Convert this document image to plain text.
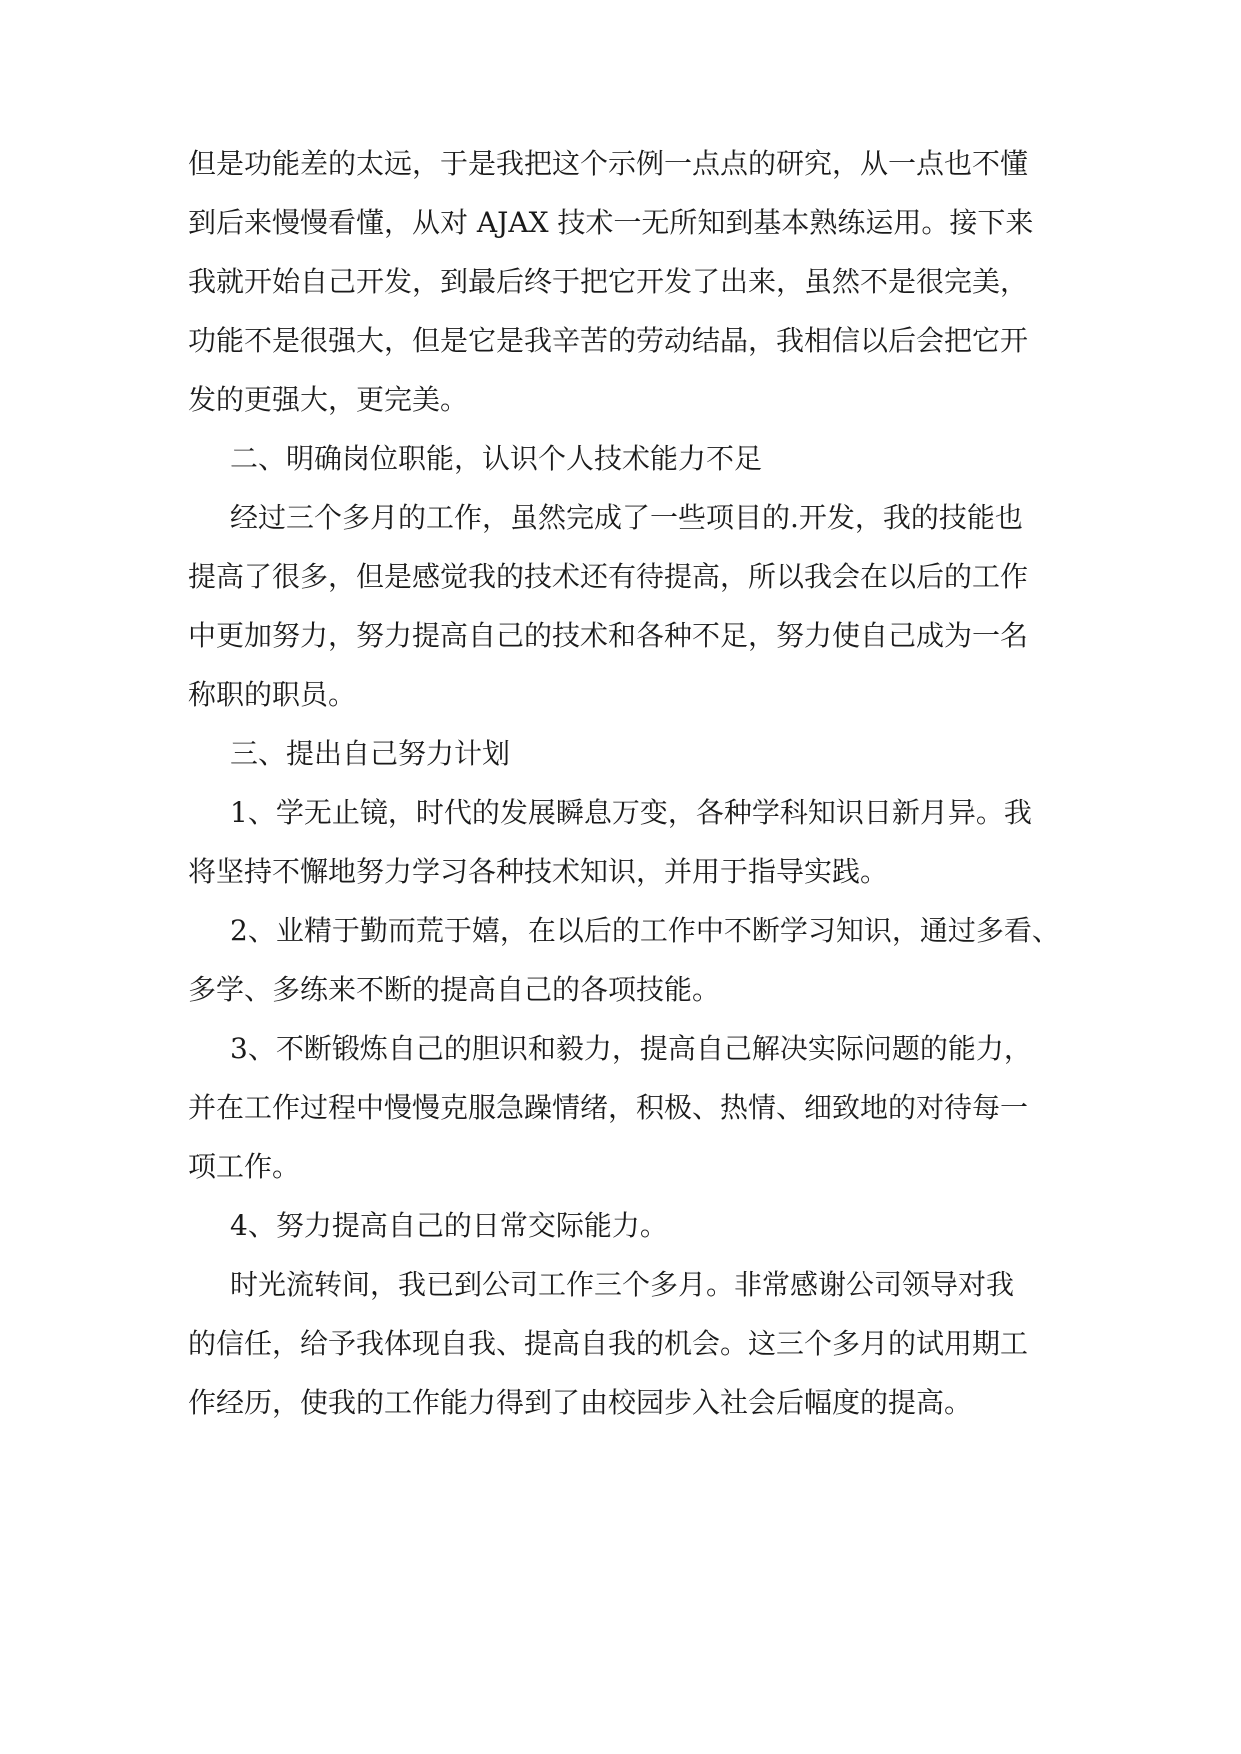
但是功能差的太远，于是我把这个示例一点点的研究，从一点也不懂

到后来慢慢看懂，从对 AJAX 技术一无所知到基本熟练运用。接下来

我就开始自己开发，到最后终于把它开发了出来，虽然不是很完美，

功能不是很强大，但是它是我辛苦的劳动结晶，我相信以后会把它开

发的更强大，更完美。

二、明确岗位职能，认识个人技术能力不足

经过三个多月的工作，虽然完成了一些项目的.开发，我的技能也

提高了很多，但是感觉我的技术还有待提高，所以我会在以后的工作

中更加努力，努力提高自己的技术和各种不足，努力使自己成为一名

称职的职员。

三、提出自己努力计划

1、学无止镜，时代的发展瞬息万变，各种学科知识日新月异。我

将坚持不懈地努力学习各种技术知识，并用于指导实践。

2、业精于勤而荒于嬉，在以后的工作中不断学习知识，通过多看、

多学、多练来不断的提高自己的各项技能。

3、不断锻炼自己的胆识和毅力，提高自己解决实际问题的能力，

并在工作过程中慢慢克服急躁情绪，积极、热情、细致地的对待每一

项工作。

4、努力提高自己的日常交际能力。

时光流转间，我已到公司工作三个多月。非常感谢公司领导对我

的信任，给予我体现自我、提高自我的机会。这三个多月的试用期工

作经历，使我的工作能力得到了由校园步入社会后幅度的提高。
